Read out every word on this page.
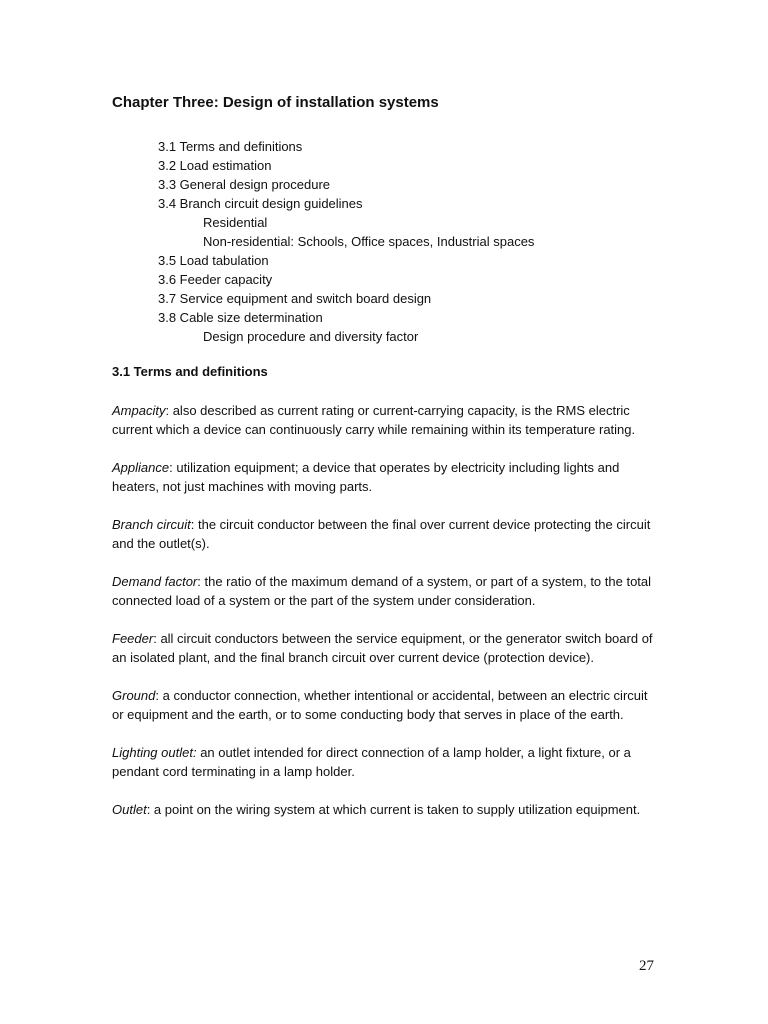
Chapter Three: Design of installation systems
3.1 Terms and definitions
3.2 Load estimation
3.3 General design procedure
3.4 Branch circuit design guidelines
Residential
Non-residential: Schools, Office spaces, Industrial spaces
3.5 Load tabulation
3.6 Feeder capacity
3.7 Service equipment and switch board design
3.8 Cable size determination
Design procedure and diversity factor
3.1 Terms and definitions

Ampacity: also described as current rating or current-carrying capacity, is the RMS electric current which a device can continuously carry while remaining within its temperature rating.

Appliance: utilization equipment; a device that operates by electricity including lights and heaters, not just machines with moving parts.

Branch circuit: the circuit conductor between the final over current device protecting the circuit and the outlet(s).

Demand factor: the ratio of the maximum demand of a system, or part of a system, to the total connected load of a system or the part of the system under consideration.

Feeder: all circuit conductors between the service equipment, or the generator switch board of an isolated plant, and the final branch circuit over current device (protection device).

Ground: a conductor connection, whether intentional or accidental, between an electric circuit or equipment and the earth, or to some conducting body that serves in place of the earth.

Lighting outlet: an outlet intended for direct connection of a lamp holder, a light fixture, or a pendant cord terminating in a lamp holder.

Outlet: a point on the wiring system at which current is taken to supply utilization equipment.

27
